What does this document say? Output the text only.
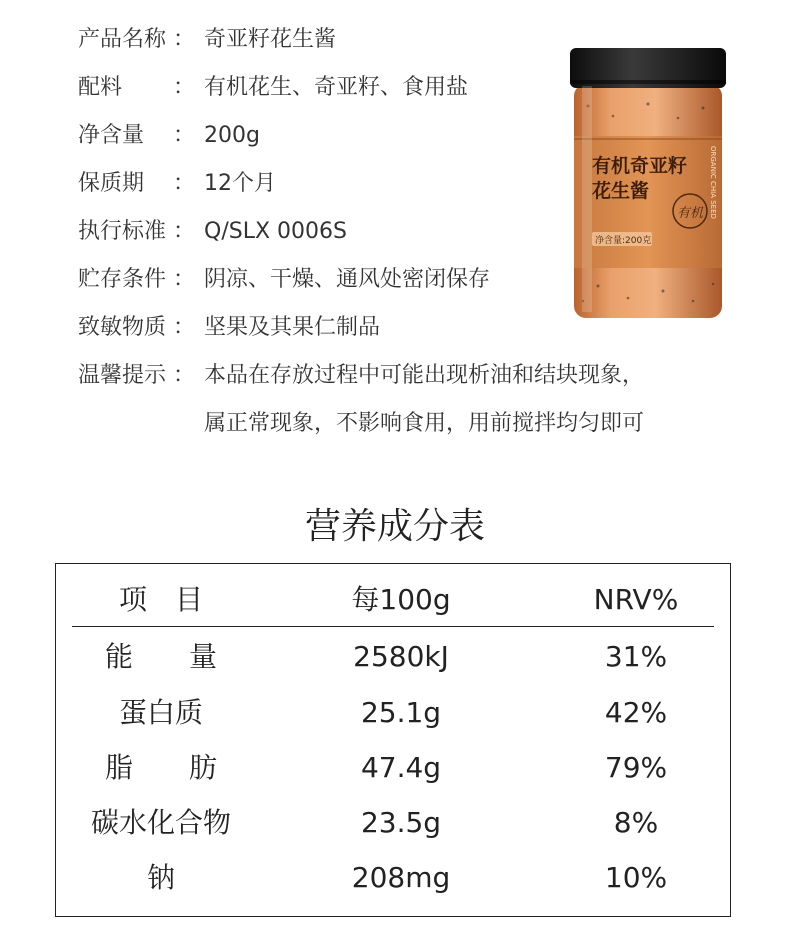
产品名称 ： 奇亚籽花生酱
配料 ： 有机花生、奇亚籽、食用盐
净含量 ： 200g
保质期 ： 12个月
执行标准 ： Q/SLX 0006S
贮存条件 ： 阴凉、干燥、通风处密闭保存
致敏物质 ： 坚果及其果仁制品
温馨提示 ： 本品在存放过程中可能出现析油和结块现象，
属正常现象，不影响食用，用前搅拌均匀即可
有机奇亚籽
花生酱
有机
净含量:200克
ORGANIC CHIA SEED
营养成分表
项　目	每100g	NRV%
能　　量	2580kJ	31%
蛋白质	25.1g	42%
脂　　肪	47.4g	79%
碳水化合物	23.5g	8%
钠	208mg	10%
